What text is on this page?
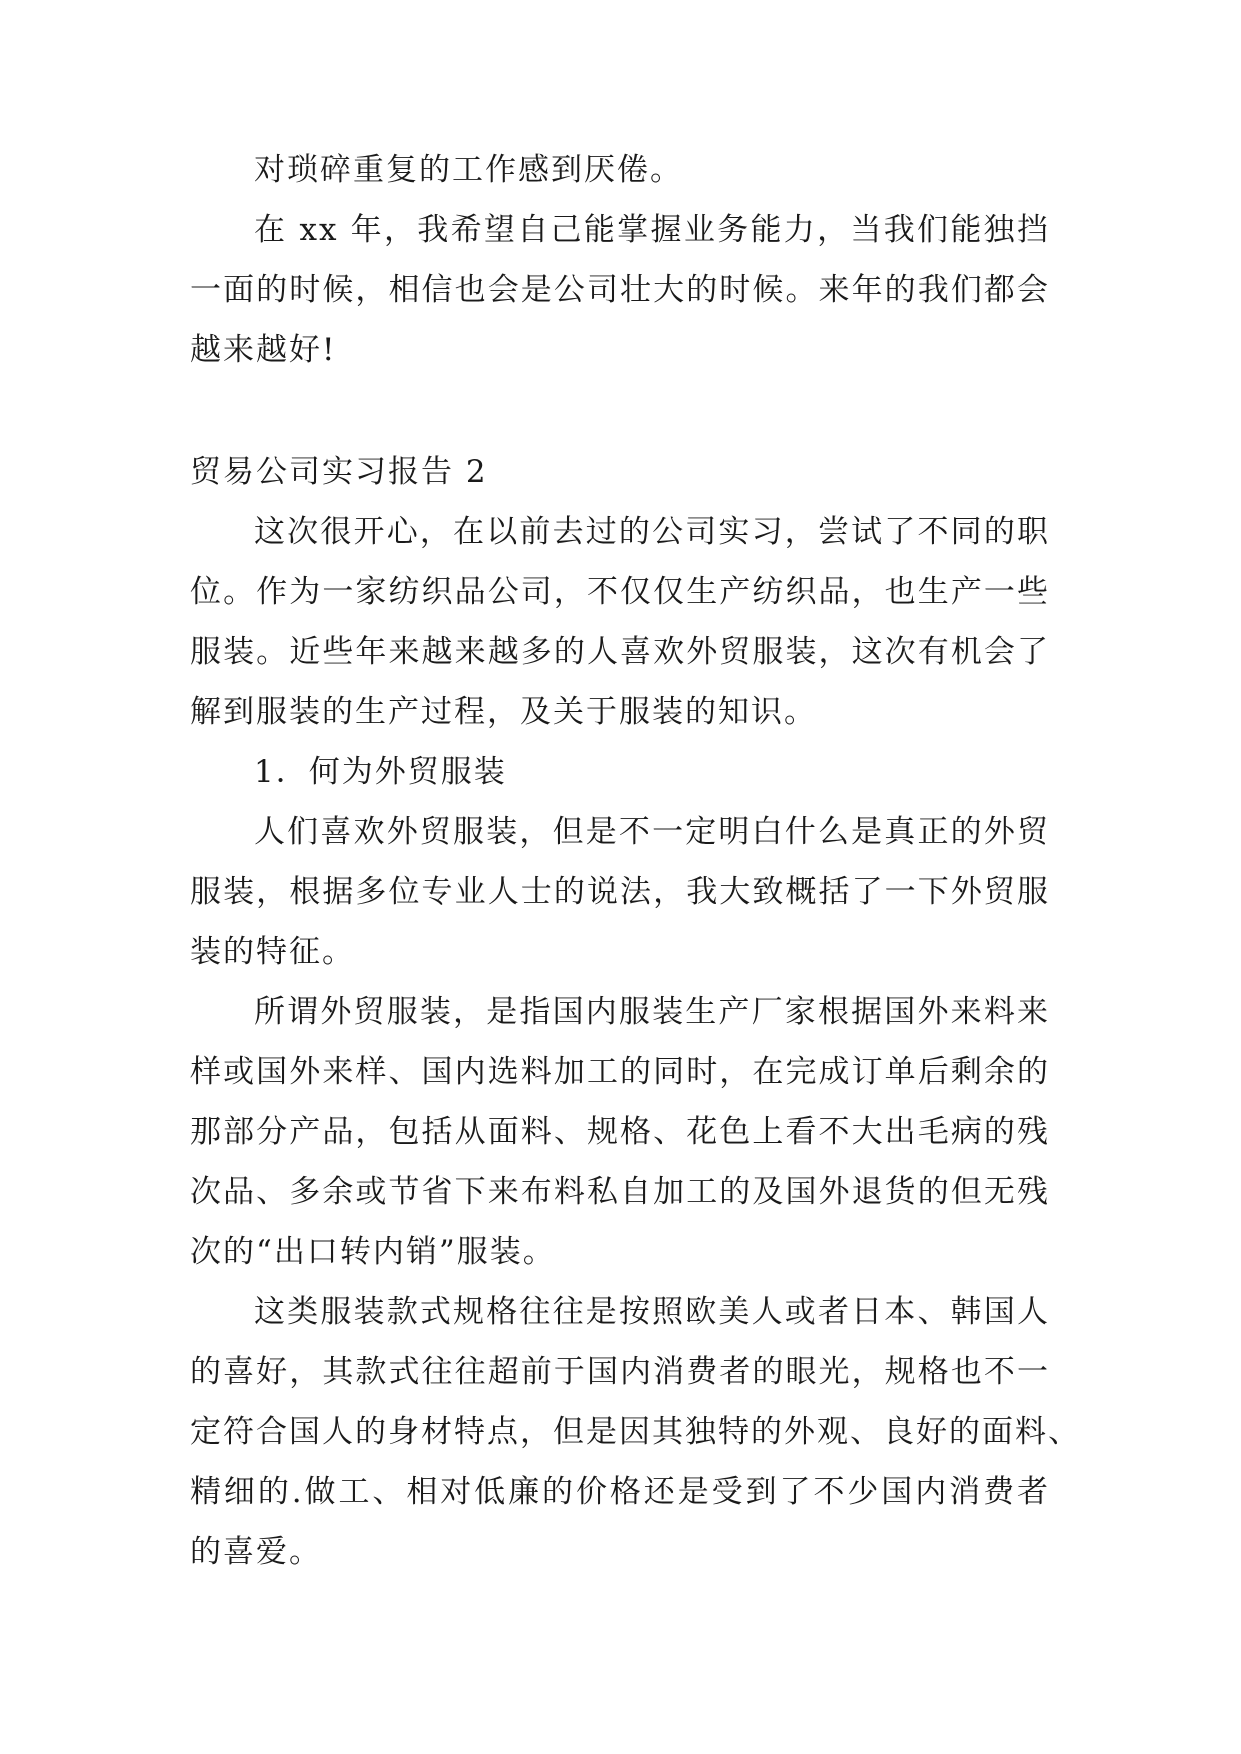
对琐碎重复的工作感到厌倦。
在 xx 年，我希望自己能掌握业务能力，当我们能独挡
一面的时候，相信也会是公司壮大的时候。来年的我们都会
越来越好!
贸易公司实习报告 2
这次很开心，在以前去过的公司实习，尝试了不同的职
位。作为一家纺织品公司，不仅仅生产纺织品，也生产一些
服装。近些年来越来越多的人喜欢外贸服装，这次有机会了
解到服装的生产过程，及关于服装的知识。
1．何为外贸服装
人们喜欢外贸服装，但是不一定明白什么是真正的外贸
服装，根据多位专业人士的说法，我大致概括了一下外贸服
装的特征。
所谓外贸服装，是指国内服装生产厂家根据国外来料来
样或国外来样、国内选料加工的同时，在完成订单后剩余的
那部分产品，包括从面料、规格、花色上看不大出毛病的残
次品、多余或节省下来布料私自加工的及国外退货的但无残
次的“出口转内销”服装。
这类服装款式规格往往是按照欧美人或者日本、韩国人
的喜好，其款式往往超前于国内消费者的眼光，规格也不一
定符合国人的身材特点，但是因其独特的外观、良好的面料、
精细的.做工、相对低廉的价格还是受到了不少国内消费者
的喜爱。
